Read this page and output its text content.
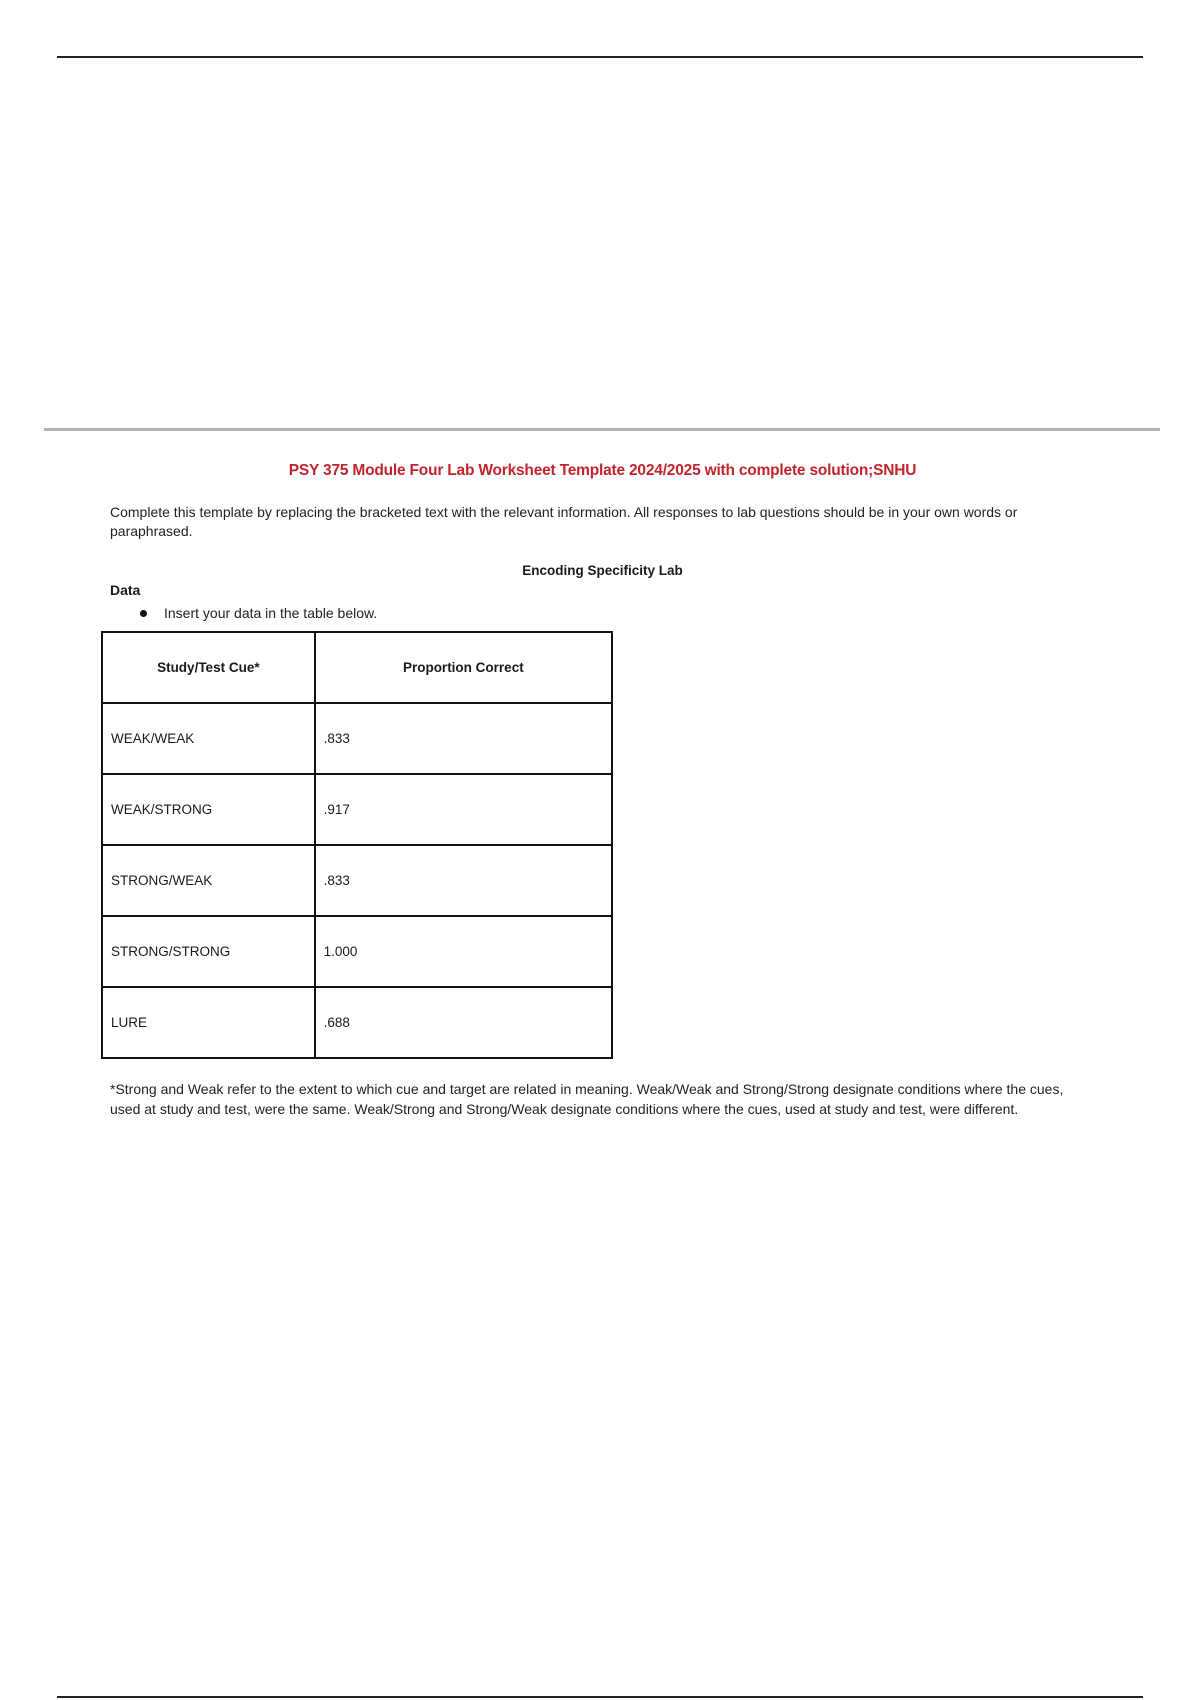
PSY 375 Module Four Lab Worksheet Template 2024/2025 with complete solution;SNHU

Complete this template by replacing the bracketed text with the relevant information. All responses to lab questions should be in your own words or paraphrased.

Encoding Specificity Lab

Data

Insert your data in the table below.

Study/Test Cue*	Proportion Correct
WEAK/WEAK	.833
WEAK/STRONG	.917
STRONG/WEAK	.833
STRONG/STRONG	1.000
LURE	.688

*Strong and Weak refer to the extent to which cue and target are related in meaning. Weak/Weak and Strong/Strong designate conditions where the cues, used at study and test, were the same. Weak/Strong and Strong/Weak designate conditions where the cues, used at study and test, were different.
